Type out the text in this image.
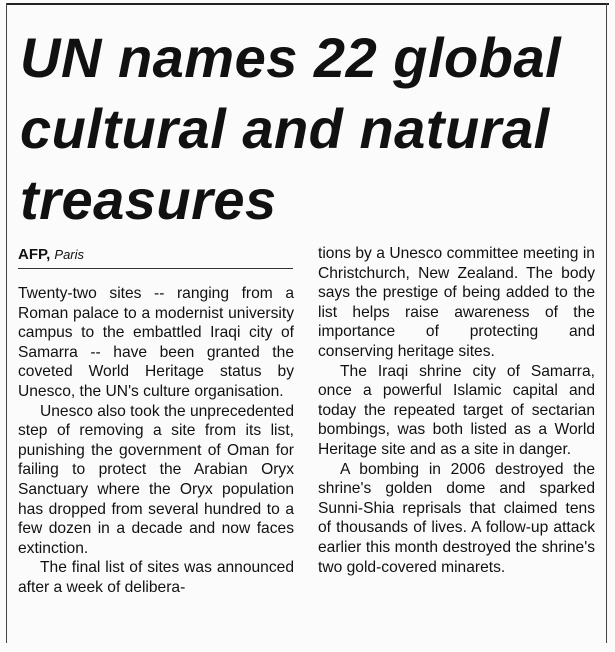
UN names 22 global cultural and natural treasures
AFP, Paris

Twenty-two sites -- ranging from a Roman palace to a modernist university campus to the embattled Iraqi city of Samarra -- have been granted the coveted World Heritage status by Unesco, the UN's culture organisation.

Unesco also took the unprecedented step of removing a site from its list, punishing the government of Oman for failing to protect the Arabian Oryx Sanctuary where the Oryx population has dropped from several hundred to a few dozen in a decade and now faces extinction.

The final list of sites was announced after a week of delibera-

tions by a Unesco committee meeting in Christchurch, New Zealand. The body says the prestige of being added to the list helps raise awareness of the importance of protecting and conserving heritage sites.

The Iraqi shrine city of Samarra, once a powerful Islamic capital and today the repeated target of sectarian bombings, was both listed as a World Heritage site and as a site in danger.

A bombing in 2006 destroyed the shrine's golden dome and sparked Sunni-Shia reprisals that claimed tens of thousands of lives. A follow-up attack earlier this month destroyed the shrine's two gold-covered minarets.
